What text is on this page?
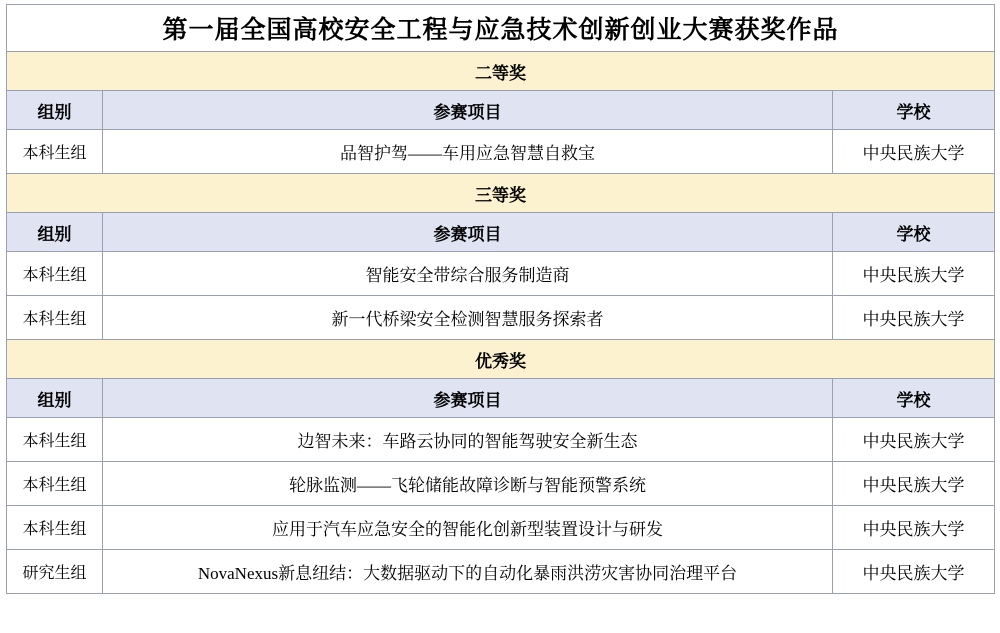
第一届全国高校安全工程与应急技术创新创业大赛获奖作品		
二等奖		
组别	参赛项目	学校
本科生组	品智护驾——车用应急智慧自救宝	中央民族大学
三等奖		
组别	参赛项目	学校
本科生组	智能安全带综合服务制造商	中央民族大学
本科生组	新一代桥梁安全检测智慧服务探索者	中央民族大学
优秀奖		
组别	参赛项目	学校
本科生组	边智未来：车路云协同的智能驾驶安全新生态	中央民族大学
本科生组	轮脉监测——飞轮储能故障诊断与智能预警系统	中央民族大学
本科生组	应用于汽车应急安全的智能化创新型装置设计与研发	中央民族大学
研究生组	NovaNexus新息纽结：大数据驱动下的自动化暴雨洪涝灾害协同治理平台	中央民族大学
